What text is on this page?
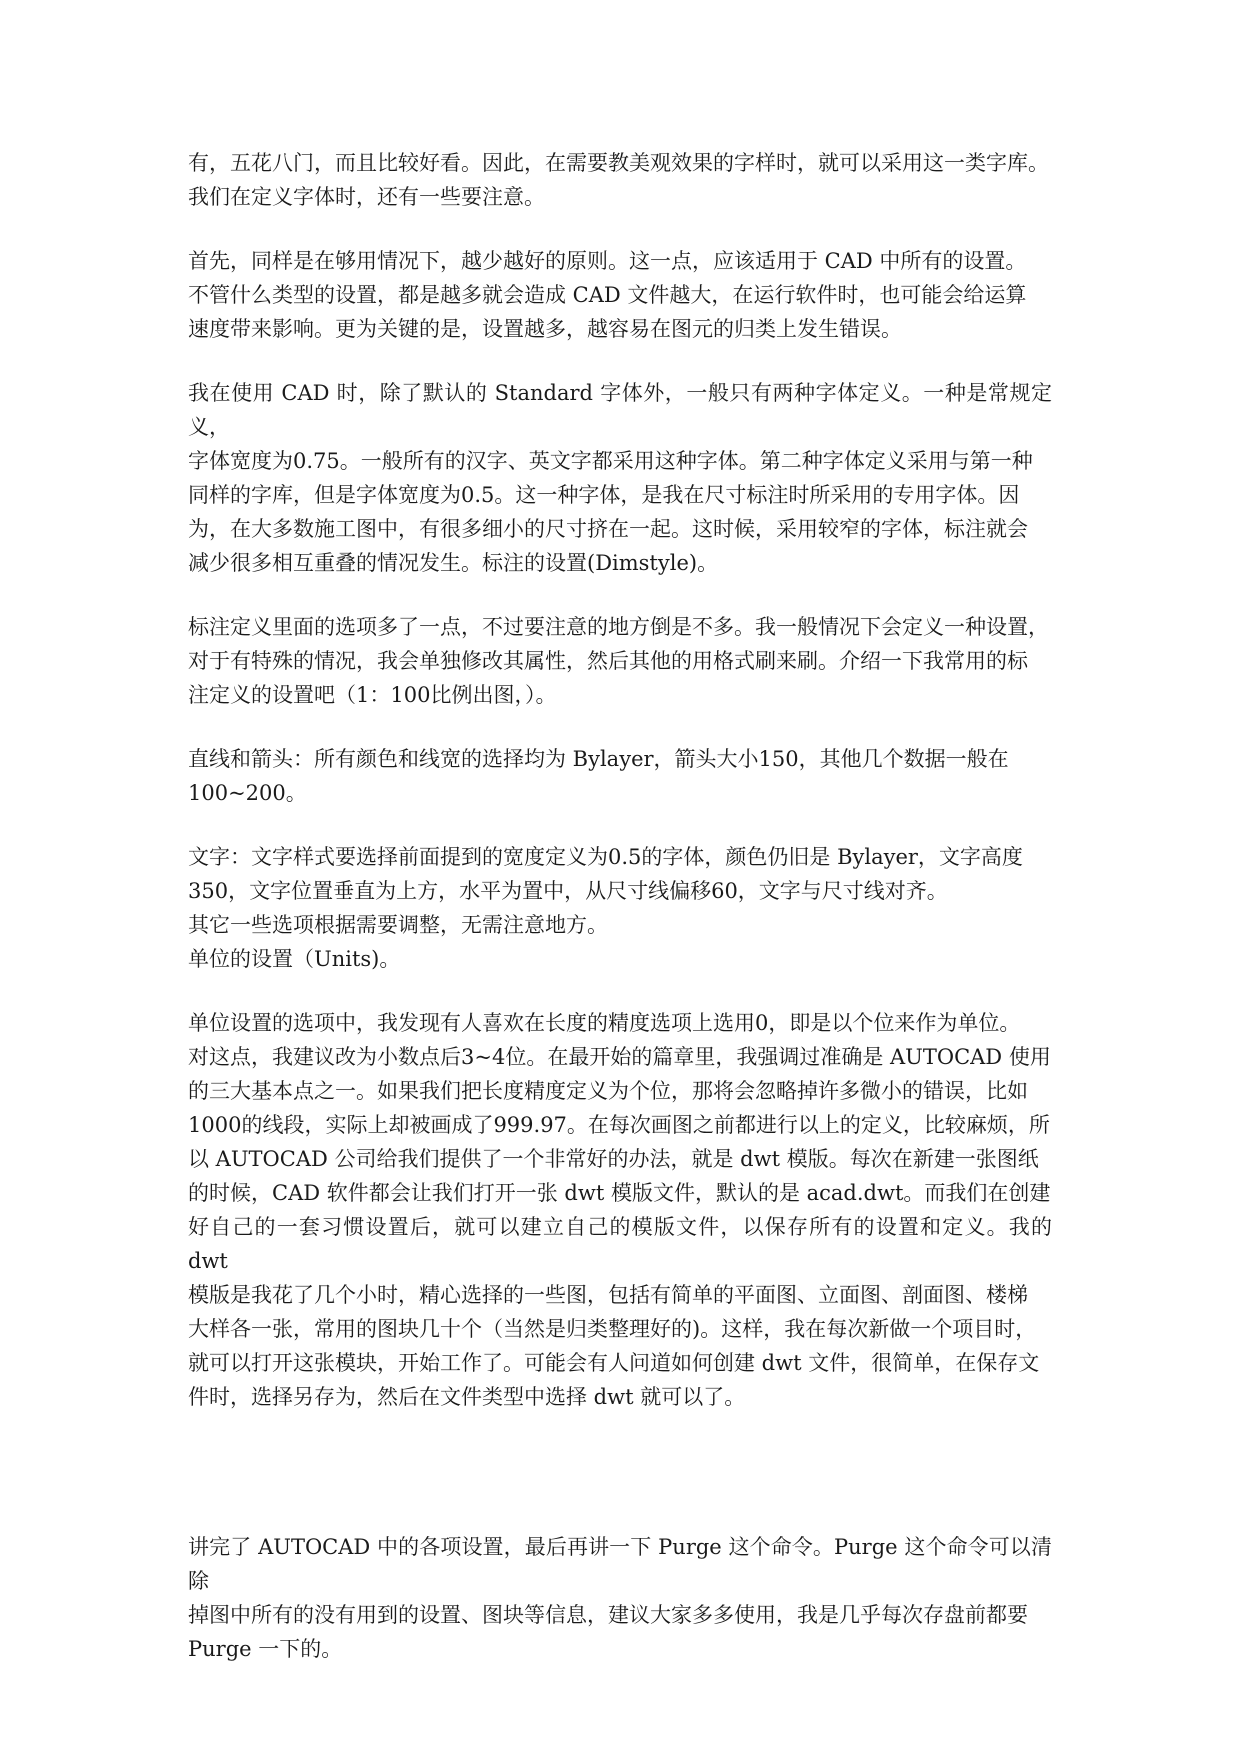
有，五花八门，而且比较好看。因此，在需要教美观效果的字样时，就可以采用这一类字库。
我们在定义字体时，还有一些要注意。

首先，同样是在够用情况下，越少越好的原则。这一点，应该适用于 CAD 中所有的设置。
不管什么类型的设置，都是越多就会造成 CAD 文件越大，在运行软件时，也可能会给运算
速度带来影响。更为关键的是，设置越多，越容易在图元的归类上发生错误。

我在使用 CAD 时，除了默认的 Standard 字体外，一般只有两种字体定义。一种是常规定义，
字体宽度为0.75。一般所有的汉字、英文字都采用这种字体。第二种字体定义采用与第一种
同样的字库，但是字体宽度为0.5。这一种字体，是我在尺寸标注时所采用的专用字体。因
为，在大多数施工图中，有很多细小的尺寸挤在一起。这时候，采用较窄的字体，标注就会
减少很多相互重叠的情况发生。标注的设置(Dimstyle)。

标注定义里面的选项多了一点，不过要注意的地方倒是不多。我一般情况下会定义一种设置，
对于有特殊的情况，我会单独修改其属性，然后其他的用格式刷来刷。介绍一下我常用的标
注定义的设置吧（1：100比例出图，）。

直线和箭头：所有颜色和线宽的选择均为 Bylayer，箭头大小150，其他几个数据一般在
100~200。

文字：文字样式要选择前面提到的宽度定义为0.5的字体，颜色仍旧是 Bylayer，文字高度
350，文字位置垂直为上方，水平为置中，从尺寸线偏移60，文字与尺寸线对齐。
其它一些选项根据需要调整，无需注意地方。
单位的设置（Units)。

单位设置的选项中，我发现有人喜欢在长度的精度选项上选用0，即是以个位来作为单位。
对这点，我建议改为小数点后3~4位。在最开始的篇章里，我强调过准确是 AUTOCAD 使用
的三大基本点之一。如果我们把长度精度定义为个位，那将会忽略掉许多微小的错误，比如
1000的线段，实际上却被画成了999.97。在每次画图之前都进行以上的定义，比较麻烦，所
以 AUTOCAD 公司给我们提供了一个非常好的办法，就是 dwt 模版。每次在新建一张图纸
的时候，CAD 软件都会让我们打开一张 dwt 模版文件，默认的是 acad.dwt。而我们在创建
好自己的一套习惯设置后，就可以建立自己的模版文件，以保存所有的设置和定义。我的 dwt
模版是我花了几个小时，精心选择的一些图，包括有简单的平面图、立面图、剖面图、楼梯
大样各一张，常用的图块几十个（当然是归类整理好的)。这样，我在每次新做一个项目时，
就可以打开这张模块，开始工作了。可能会有人问道如何创建 dwt 文件，很简单，在保存文
件时，选择另存为，然后在文件类型中选择 dwt 就可以了。

讲完了 AUTOCAD 中的各项设置，最后再讲一下 Purge 这个命令。Purge 这个命令可以清除
掉图中所有的没有用到的设置、图块等信息，建议大家多多使用，我是几乎每次存盘前都要
Purge 一下的。
